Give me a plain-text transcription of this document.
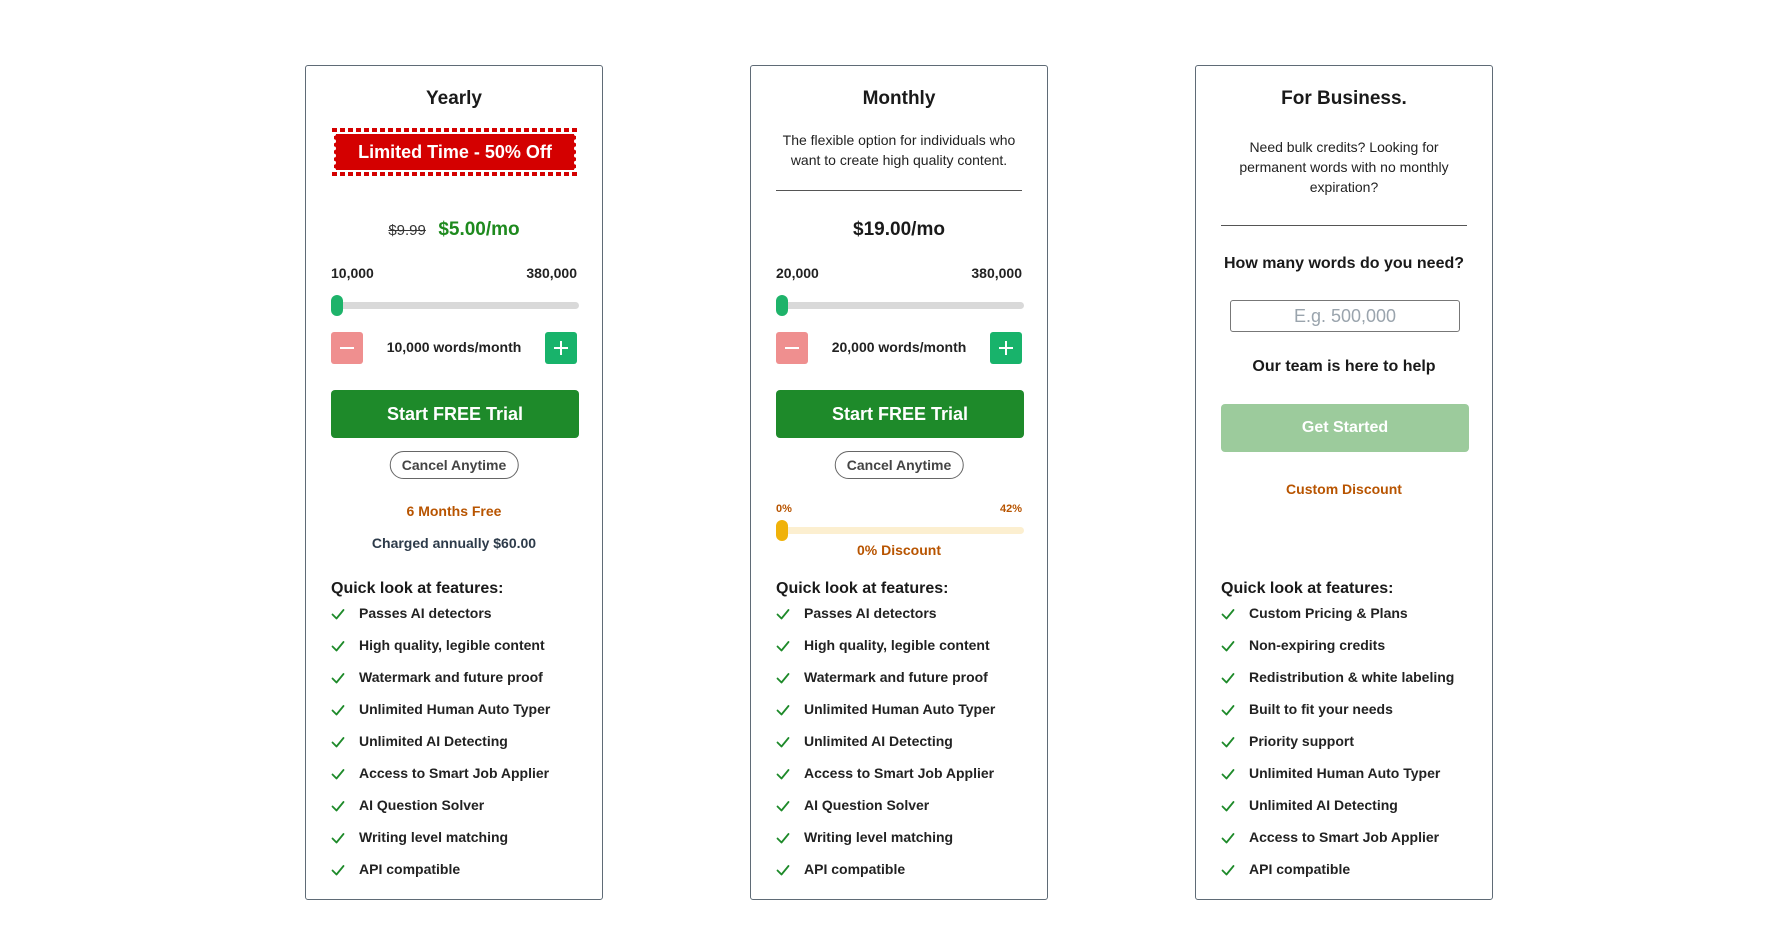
Yearly
Limited Time - 50% Off
$9.99 $5.00/mo
10,000	380,000
10,000 words/month
Start FREE Trial
Cancel Anytime
6 Months Free
Charged annually $60.00
Quick look at features:
Passes AI detectors
High quality, legible content
Watermark and future proof
Unlimited Human Auto Typer
Unlimited AI Detecting
Access to Smart Job Applier
AI Question Solver
Writing level matching
API compatible
Monthly
The flexible option for individuals who want to create high quality content.
$19.00/mo
20,000	380,000
20,000 words/month
Start FREE Trial
Cancel Anytime
0%	42%
0% Discount
Quick look at features:
Passes AI detectors
High quality, legible content
Watermark and future proof
Unlimited Human Auto Typer
Unlimited AI Detecting
Access to Smart Job Applier
AI Question Solver
Writing level matching
API compatible
For Business.
Need bulk credits? Looking for permanent words with no monthly expiration?
How many words do you need?
E.g. 500,000
Our team is here to help
Get Started
Custom Discount
Quick look at features:
Custom Pricing & Plans
Non-expiring credits
Redistribution & white labeling
Built to fit your needs
Priority support
Unlimited Human Auto Typer
Unlimited AI Detecting
Access to Smart Job Applier
API compatible
